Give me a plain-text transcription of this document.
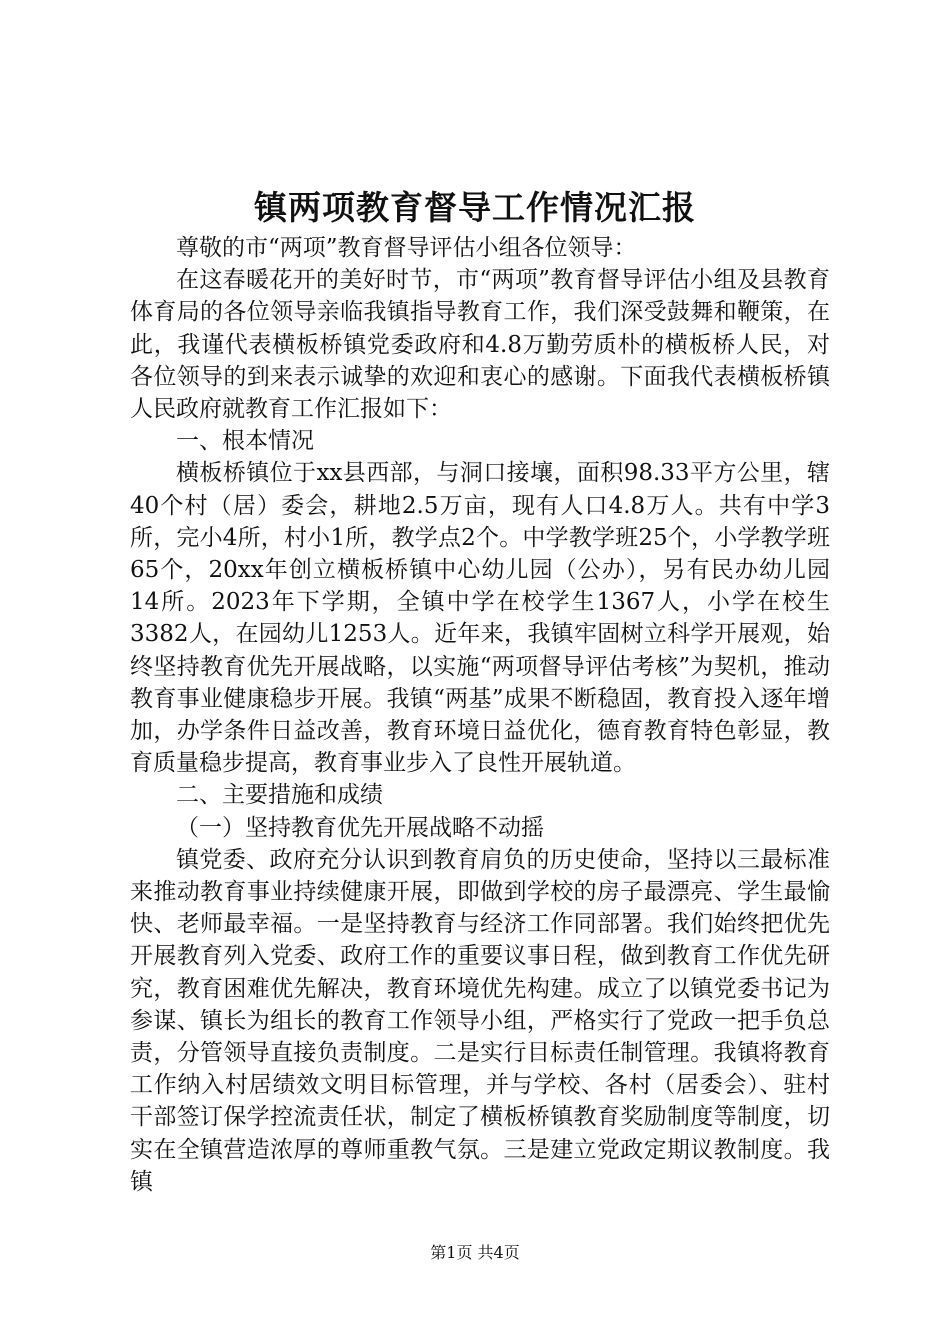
镇两项教育督导工作情况汇报

尊敬的市“两项”教育督导评估小组各位领导：

在这春暖花开的美好时节，市“两项”教育督导评估小组及县教育体育局的各位领导亲临我镇指导教育工作，我们深受鼓舞和鞭策，在此，我谨代表横板桥镇党委政府和4.8万勤劳质朴的横板桥人民，对各位领导的到来表示诚挚的欢迎和衷心的感谢。下面我代表横板桥镇人民政府就教育工作汇报如下：

一、根本情况

横板桥镇位于xx县西部，与洞口接壤，面积98.33平方公里，辖40个村（居）委会，耕地2.5万亩，现有人口4.8万人。共有中学3所，完小4所，村小1所，教学点2个。中学教学班25个，小学教学班65个，20xx年创立横板桥镇中心幼儿园（公办），另有民办幼儿园14所。2023年下学期，全镇中学在校学生1367人，小学在校生3382人，在园幼儿1253人。近年来，我镇牢固树立科学开展观，始终坚持教育优先开展战略，以实施“两项督导评估考核”为契机，推动教育事业健康稳步开展。我镇“两基”成果不断稳固，教育投入逐年增加，办学条件日益改善，教育环境日益优化，德育教育特色彰显，教育质量稳步提高，教育事业步入了良性开展轨道。

二、主要措施和成绩

（一）坚持教育优先开展战略不动摇

镇党委、政府充分认识到教育肩负的历史使命，坚持以三最标准来推动教育事业持续健康开展，即做到学校的房子最漂亮、学生最愉快、老师最幸福。一是坚持教育与经济工作同部署。我们始终把优先开展教育列入党委、政府工作的重要议事日程，做到教育工作优先研究，教育困难优先解决，教育环境优先构建。成立了以镇党委书记为参谋、镇长为组长的教育工作领导小组，严格实行了党政一把手负总责，分管领导直接负责制度。二是实行目标责任制管理。我镇将教育工作纳入村居绩效文明目标管理，并与学校、各村（居委会）、驻村干部签订保学控流责任状，制定了横板桥镇教育奖励制度等制度，切实在全镇营造浓厚的尊师重教气氛。三是建立党政定期议教制度。我镇

第1页 共4页
